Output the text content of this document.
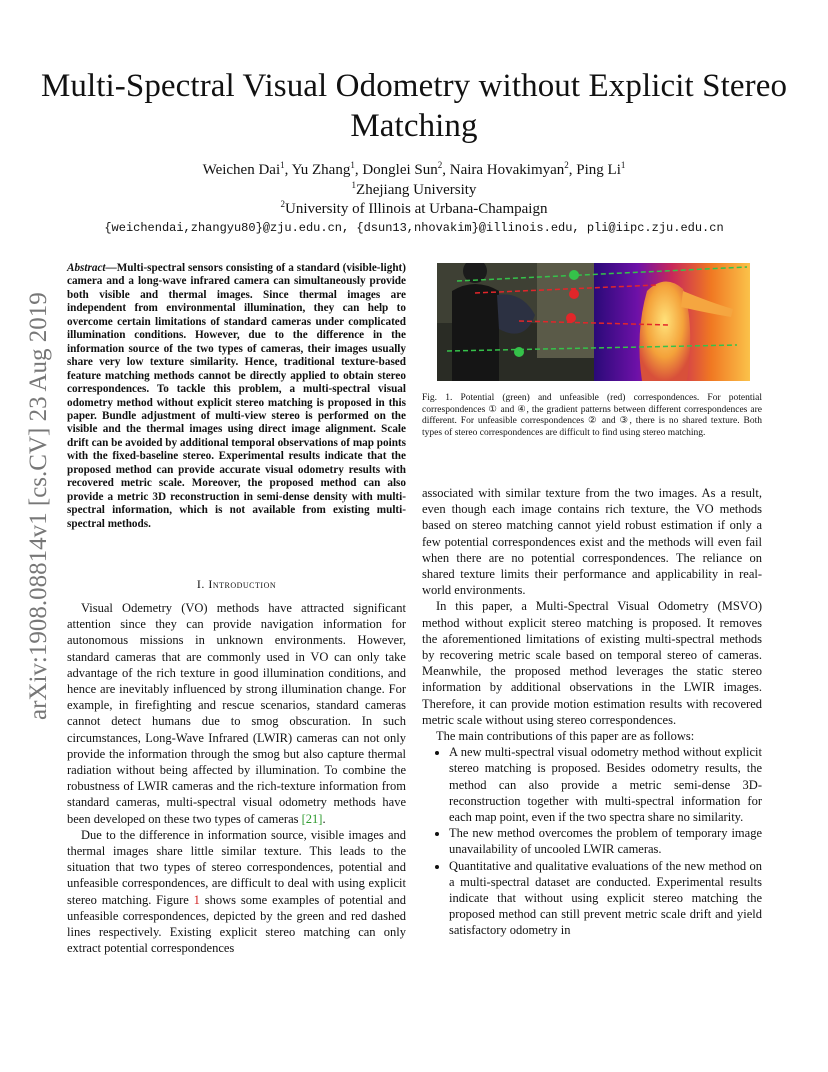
Multi-Spectral Visual Odometry without Explicit Stereo Matching
Weichen Dai$^1$, Yu Zhang$^1$, Donglei Sun$^2$, Naira Hovakimyan$^2$, Ping Li$^1$
$^1$Zhejiang University
$^2$University of Illinois at Urbana-Champaign
{weichendai,zhangyu80}@zju.edu.cn, {dsun13,nhovakim}@illinois.edu, pli@iipc.zju.edu.cn
arXiv:1908.08814v1 [cs.CV] 23 Aug 2019
Abstract—Multi-spectral sensors consisting of a standard (visible-light) camera and a long-wave infrared camera can simultaneously provide both visible and thermal images. Since thermal images are independent from environmental illumination, they can help to overcome certain limitations of standard cameras under complicated illumination conditions. However, due to the difference in the information source of the two types of cameras, their images usually share very low texture similarity. Hence, traditional texture-based feature matching methods cannot be directly applied to obtain stereo correspondences. To tackle this problem, a multi-spectral visual odometry method without explicit stereo matching is proposed in this paper. Bundle adjustment of multi-view stereo is performed on the visible and the thermal images using direct image alignment. Scale drift can be avoided by additional temporal observations of map points with the fixed-baseline stereo. Experimental results indicate that the proposed method can provide accurate visual odometry results with recovered metric scale. Moreover, the proposed method can also provide a metric 3D reconstruction in semi-dense density with multi-spectral information, which is not available from existing multi-spectral methods.
I. Introduction

Visual Odemetry (VO) methods have attracted significant attention since they can provide navigation information for autonomous missions in unknown environments. However, standard cameras that are commonly used in VO can only take advantage of the rich texture in good illumination conditions, and hence are inevitably influenced by strong illumination change. For example, in firefighting and rescue scenarios, standard cameras cannot detect humans due to smog obscuration. In such circumstances, Long-Wave Infrared (LWIR) cameras can not only provide the information through the smog but also capture thermal radiation without being affected by illumination. To combine the robustness of LWIR cameras and the rich-texture information from standard cameras, multi-spectral visual odometry methods have been developed on these two types of cameras [21].

Due to the difference in information source, visible images and thermal images share little similar texture. This leads to the situation that two types of stereo correspondences, potential and unfeasible correspondences, are difficult to deal with using explicit stereo matching. Figure 1 shows some examples of potential and unfeasible correspondences, depicted by the green and red dashed lines respectively. Existing explicit stereo matching can only extract potential correspondences

Fig. 1. Potential (green) and unfeasible (red) correspondences. For potential correspondences ① and ④, the gradient patterns between different correspondences are different. For unfeasible correspondences ② and ③, there is no shared texture. Both types of stereo correspondences are difficult to find using stereo matching.

associated with similar texture from the two images. As a result, even though each image contains rich texture, the VO methods based on stereo matching cannot yield robust estimation if only a few potential correspondences exist and the methods will even fail when there are no potential correspondences. The reliance on shared texture limits their performance and applicability in real-world environments.

In this paper, a Multi-Spectral Visual Odometry (MSVO) method without explicit stereo matching is proposed. It removes the aforementioned limitations of existing multi-spectral methods by recovering metric scale based on temporal stereo of cameras. Meanwhile, the proposed method leverages the static stereo information by additional observations in the LWIR images. Therefore, it can provide motion estimation results with recovered metric scale without using stereo correspondences.

The main contributions of this paper are as follows:

• A new multi-spectral visual odometry method without explicit stereo matching is proposed. Besides odometry results, the method can also provide a metric semi-dense 3D-reconstruction together with multi-spectral information for each map point, even if the two spectra share no similarity.
• The new method overcomes the problem of temporary image unavailability of uncooled LWIR cameras.
• Quantitative and qualitative evaluations of the new method on a multi-spectral dataset are conducted. Experimental results indicate that without using explicit stereo matching the proposed method can still prevent metric scale drift and yield satisfactory odometry in
